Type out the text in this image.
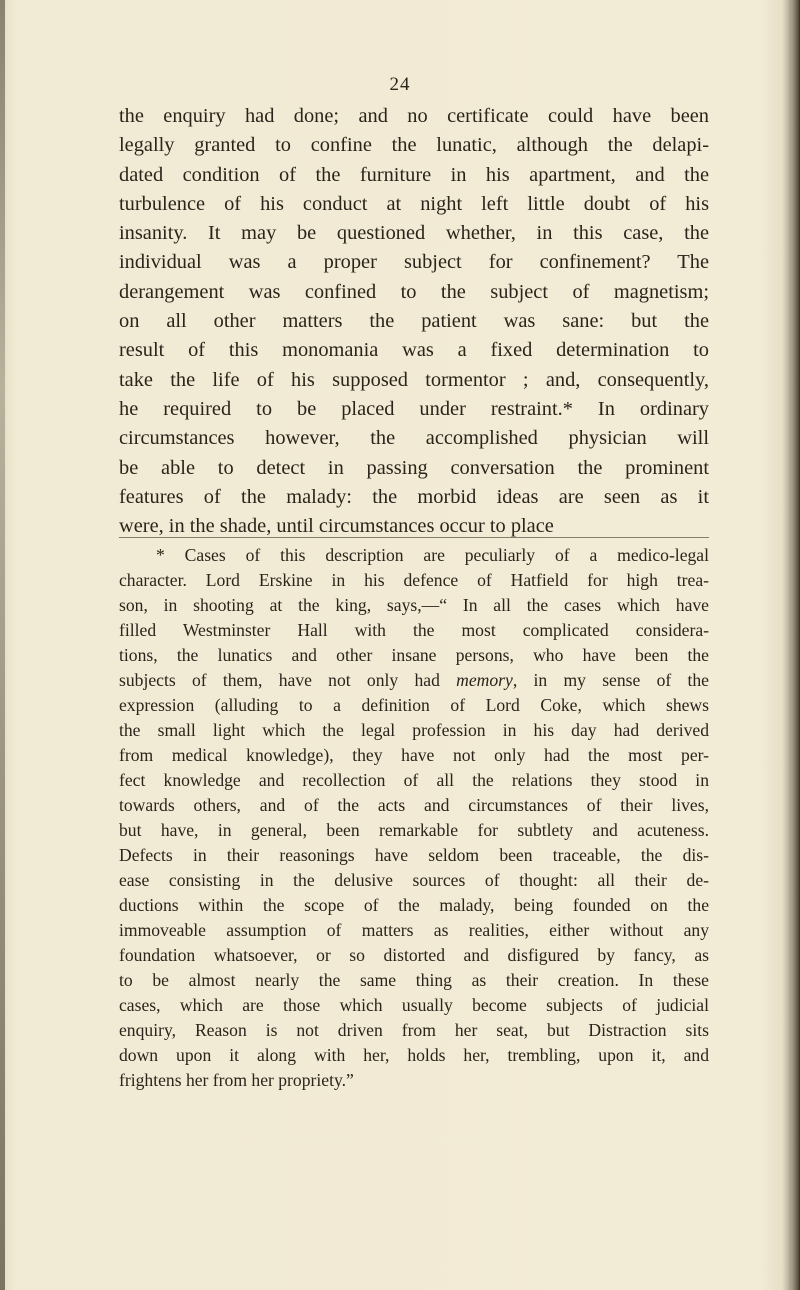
24
the enquiry had done; and no certificate could have been
legally granted to confine the lunatic, although the delapi-
dated condition of the furniture in his apartment, and the
turbulence of his conduct at night left little doubt of his
insanity. It may be questioned whether, in this case, the
individual was a proper subject for confinement? The
derangement was confined to the subject of magnetism;
on all other matters the patient was sane: but the
result of this monomania was a fixed determination to
take the life of his supposed tormentor ; and, consequently,
he required to be placed under restraint.* In ordinary
circumstances however, the accomplished physician will
be able to detect in passing conversation the prominent
features of the malady: the morbid ideas are seen as it
were, in the shade, until circumstances occur to place
* Cases of this description are peculiarly of a medico-legal
character. Lord Erskine in his defence of Hatfield for high trea-
son, in shooting at the king, says,—“ In all the cases which have
filled Westminster Hall with the most complicated considera-
tions, the lunatics and other insane persons, who have been the
subjects of them, have not only had memory, in my sense of the
expression (alluding to a definition of Lord Coke, which shews
the small light which the legal profession in his day had derived
from medical knowledge), they have not only had the most per-
fect knowledge and recollection of all the relations they stood in
towards others, and of the acts and circumstances of their lives,
but have, in general, been remarkable for subtlety and acuteness.
Defects in their reasonings have seldom been traceable, the dis-
ease consisting in the delusive sources of thought: all their de-
ductions within the scope of the malady, being founded on the
immoveable assumption of matters as realities, either without any
foundation whatsoever, or so distorted and disfigured by fancy, as
to be almost nearly the same thing as their creation. In these
cases, which are those which usually become subjects of judicial
enquiry, Reason is not driven from her seat, but Distraction sits
down upon it along with her, holds her, trembling, upon it, and
frightens her from her propriety.”
